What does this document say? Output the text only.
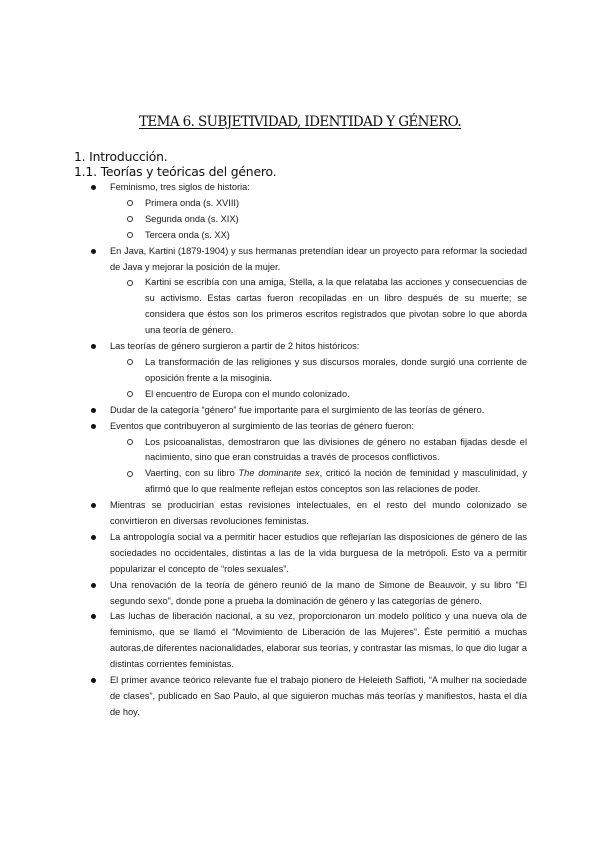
TEMA 6. SUBJETIVIDAD, IDENTIDAD Y GÉNERO.
1. Introducción.
1.1. Teorías y teóricas del género.
Feminismo, tres siglos de historia:
Primera onda (s. XVIII)
Segunda onda (s. XIX)
Tercera onda (s. XX)
En Java, Kartini (1879-1904) y sus hermanas pretendían idear un proyecto para reformar la sociedad de Java y mejorar la posición de la mujer.
Kartini se escribía con una amiga, Stella, a la que relataba las acciones y consecuencias de su activismo. Estas cartas fueron recopiladas en un libro después de su muerte; se considera que éstos son los primeros escritos registrados que pivotan sobre lo que aborda una teoría de género.
Las teorías de género surgieron a partir de 2 hitos históricos:
La transformación de las religiones y sus discursos morales, donde surgió una corriente de oposición frente a la misoginia.
El encuentro de Europa con el mundo colonizado.
Dudar de la categoría “género” fue importante para el surgimiento de las teorías de género.
Eventos que contribuyeron al surgimiento de las teorías de género fueron:
Los psicoanalistas, demostraron que las divisiones de género no estaban fijadas desde el nacimiento, sino que eran construidas a través de procesos conflictivos.
Vaerting, con su libro The dominante sex, criticó la noción de feminidad y masculinidad, y afirmó que lo que realmente reflejan estos conceptos son las relaciones de poder.
Mientras se producirían estas revisiones intelectuales, en el resto del mundo colonizado se convirtieron en diversas revoluciones feministas.
La antropología social va a permitir hacer estudios que reflejarían las disposiciones de género de las sociedades no occidentales, distintas a las de la vida burguesa de la metrópoli. Esto va a permitir popularizar el concepto de “roles sexuales”.
Una renovación de la teoría de género reunió de la mano de Simone de Beauvoir, y su libro “El segundo sexo”, donde pone a prueba la dominación de género y las categorías de género.
Las luchas de liberación nacional, a su vez, proporcionaron un modelo político y una nueva ola de feminismo, que se llamó el “Movimiento de Liberación de las Mujeres”. Éste permitió a muchas autoras,de diferentes nacionalidades, elaborar sus teorías, y contrastar las mismas, lo que dio lugar a distintas corrientes feministas.
El primer avance teórico relevante fue el trabajo pionero de Heleieth Saffioti, “A mulher na sociedade de clases”, publicado en Sao Paulo, al que siguieron muchas más teorías y manifiestos, hasta el día de hoy.
